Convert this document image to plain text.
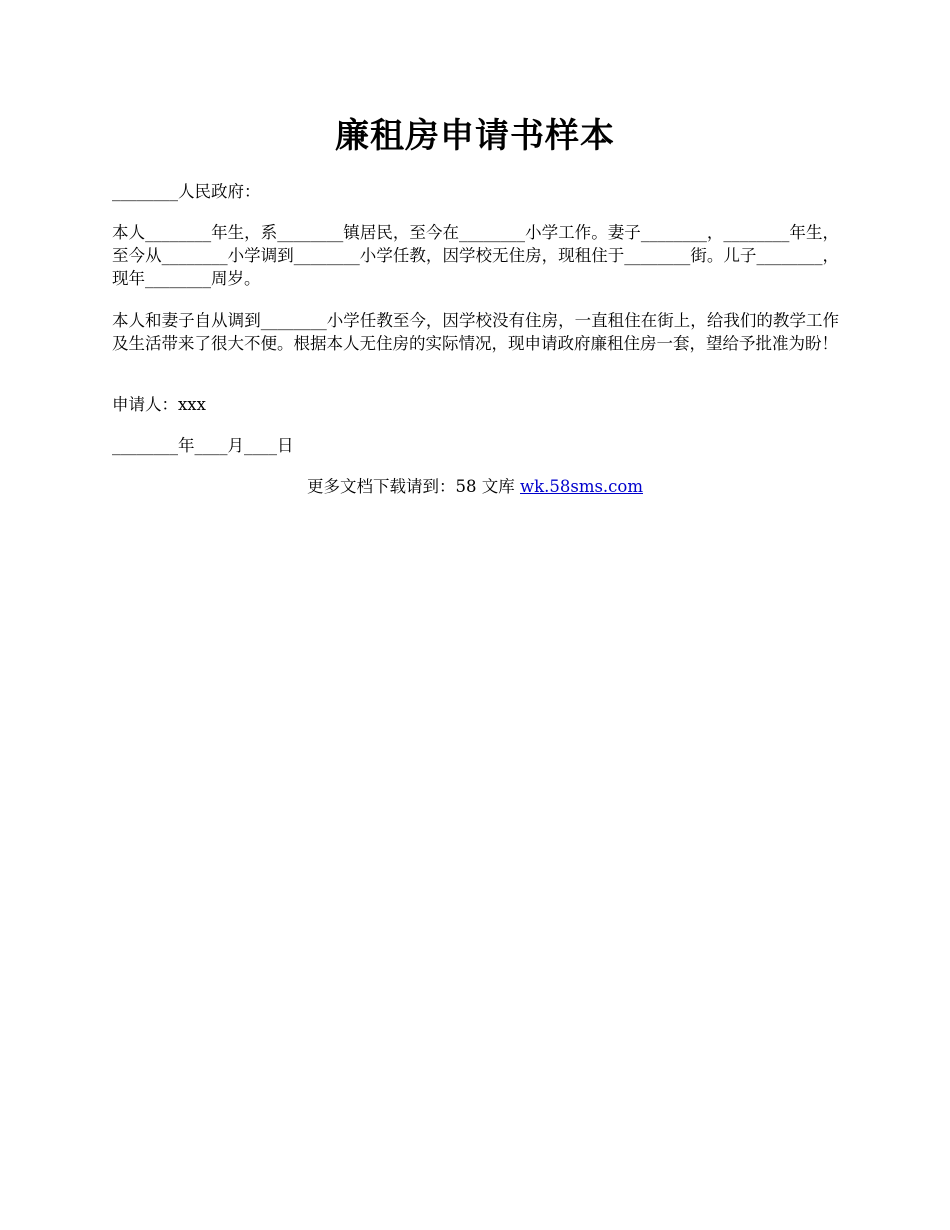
廉租房申请书样本

________人民政府：

本人________年生，系________镇居民，至今在________小学工作。妻子________，________年生，至今从________小学调到________小学任教，因学校无住房，现租住于________街。儿子________，现年________周岁。

本人和妻子自从调到________小学任教至今，因学校没有住房，一直租住在街上，给我们的教学工作及生活带来了很大不便。根据本人无住房的实际情况，现申请政府廉租住房一套，望给予批准为盼！

申请人：xxx

________年____月____日

更多文档下载请到：58 文库 wk.58sms.com
